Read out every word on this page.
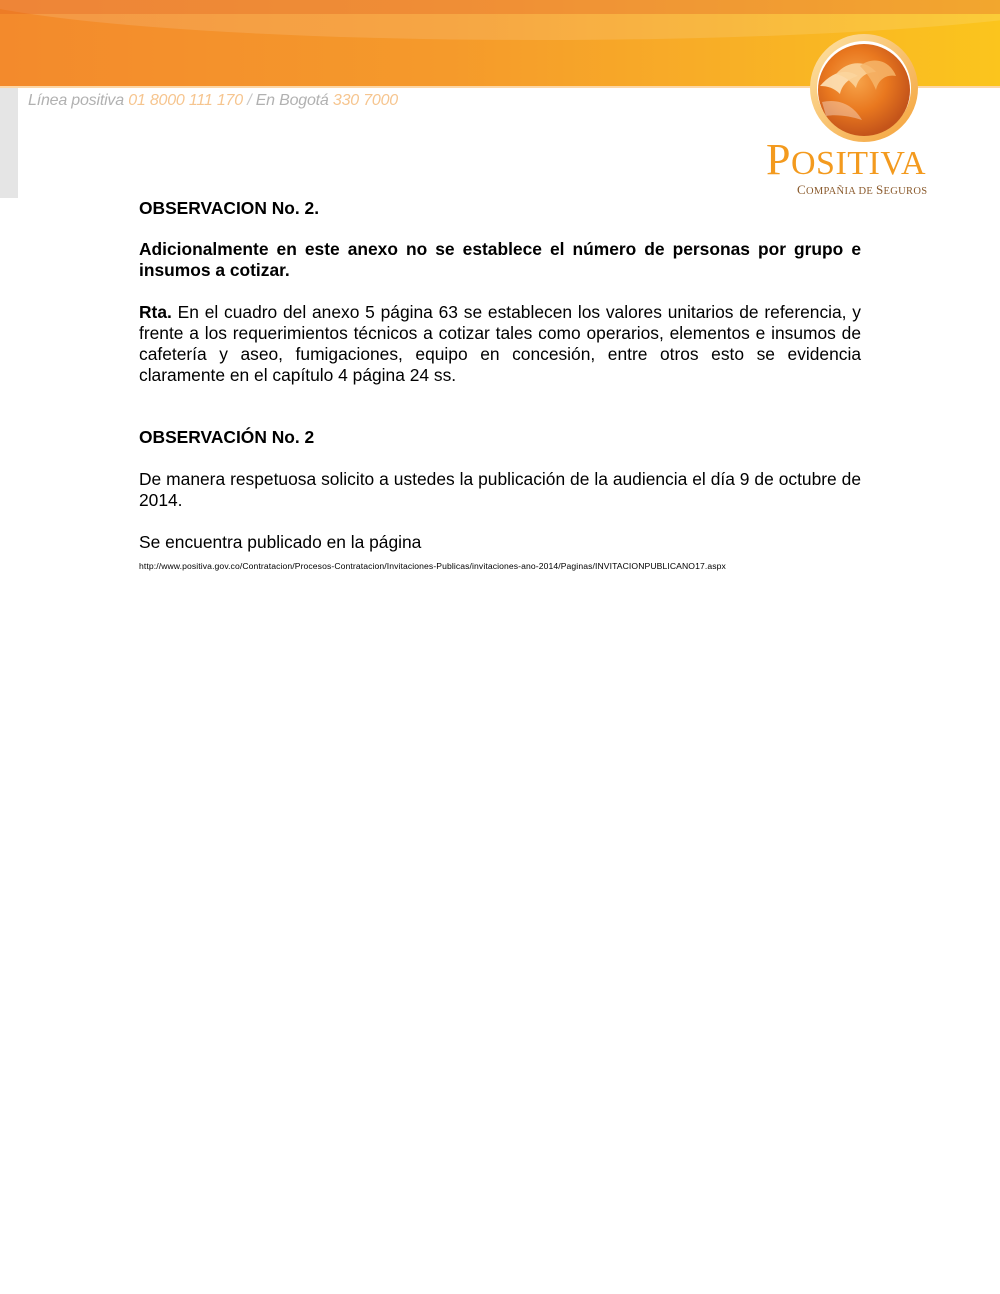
Línea positiva 01 8000 111 170 / En Bogotá 330 7000
POSITIVA
COMPAÑIA DE SEGUROS

OBSERVACION No. 2.

Adicionalmente en este anexo no se establece el número de personas por grupo e insumos a cotizar.

Rta. En el cuadro del anexo 5 página 63 se establecen los valores unitarios de referencia, y frente a los requerimientos técnicos a cotizar tales como operarios, elementos e insumos de cafetería y aseo, fumigaciones, equipo en concesión, entre otros esto se evidencia claramente en el capítulo 4 página 24 ss.

OBSERVACIÓN No. 2

De manera respetuosa solicito a ustedes la publicación de la audiencia el día 9 de octubre de 2014.

Se encuentra publicado en la página

http://www.positiva.gov.co/Contratacion/Procesos-Contratacion/Invitaciones-Publicas/invitaciones-ano-2014/Paginas/INVITACIONPUBLICANO17.aspx
